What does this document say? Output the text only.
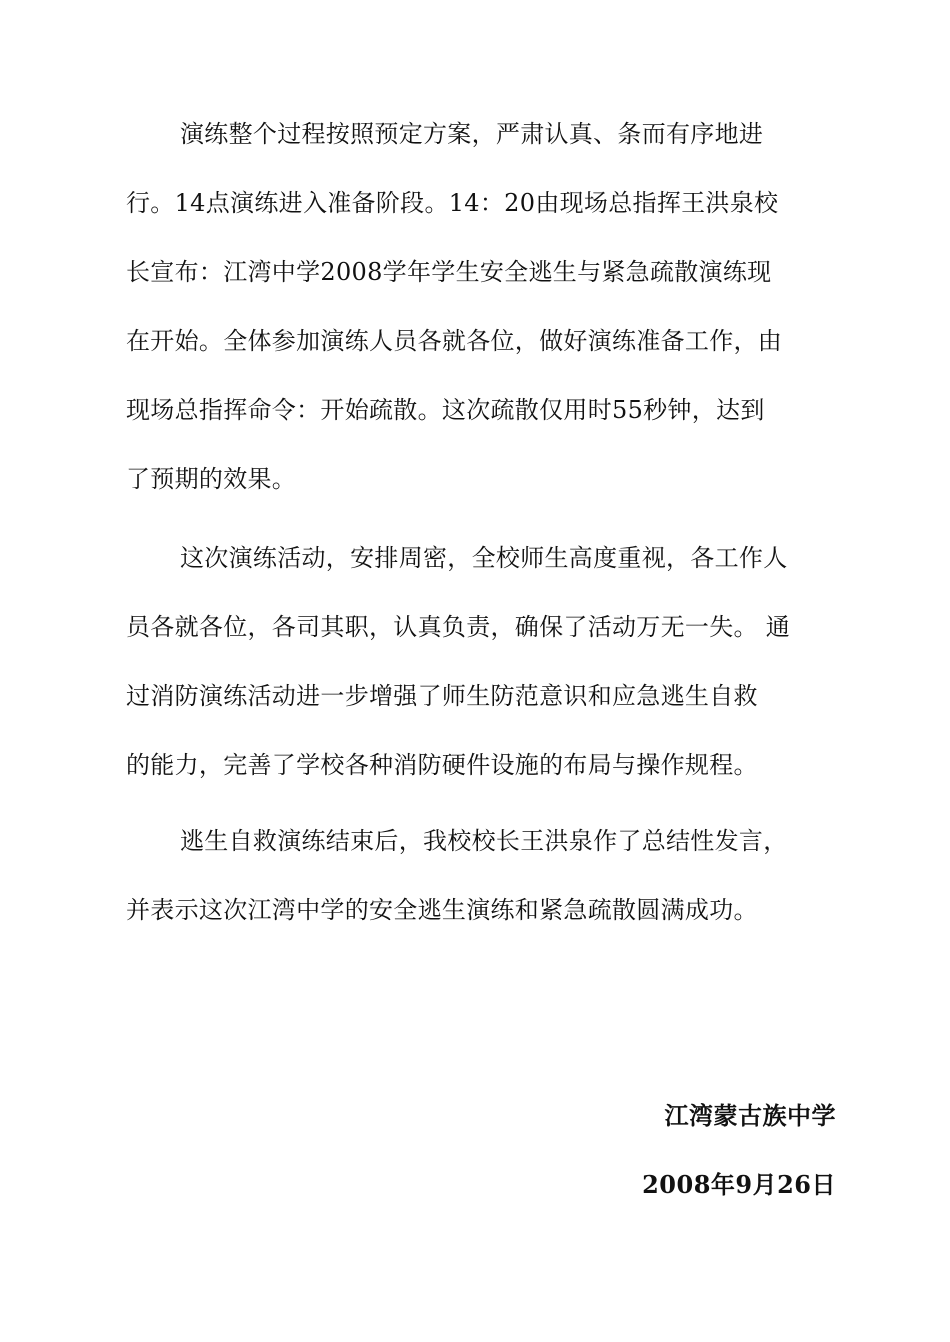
演练整个过程按照预定方案，严肃认真、条而有序地进
行。14点演练进入准备阶段。14：20由现场总指挥王洪泉校
长宣布：江湾中学2008学年学生安全逃生与紧急疏散演练现
在开始。全体参加演练人员各就各位，做好演练准备工作，由
现场总指挥命令：开始疏散。这次疏散仅用时55秒钟，达到
了预期的效果。
这次演练活动，安排周密，全校师生高度重视，各工作人
员各就各位，各司其职，认真负责，确保了活动万无一失。 通
过消防演练活动进一步增强了师生防范意识和应急逃生自救
的能力，完善了学校各种消防硬件设施的布局与操作规程。
逃生自救演练结束后，我校校长王洪泉作了总结性发言，
并表示这次江湾中学的安全逃生演练和紧急疏散圆满成功。
江湾蒙古族中学
2008年9月26日
